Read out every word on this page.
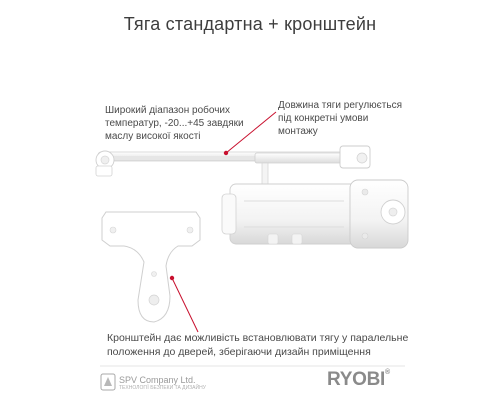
Тяга стандартна + кронштейн
Широкий діапазон робочих
температур, -20...+45 завдяки
маслу високої якості
Довжина тяги регулюється
під конкретні умови
монтажу
Кронштейн дає можливість встановлювати тягу у паралельне
положення до дверей, зберігаючи дизайн приміщення
SPV Company Ltd.
ТЕХНОЛОГІЇ БЕЗПЕКИ ТА ДИЗАЙНУ	RYOBI®
